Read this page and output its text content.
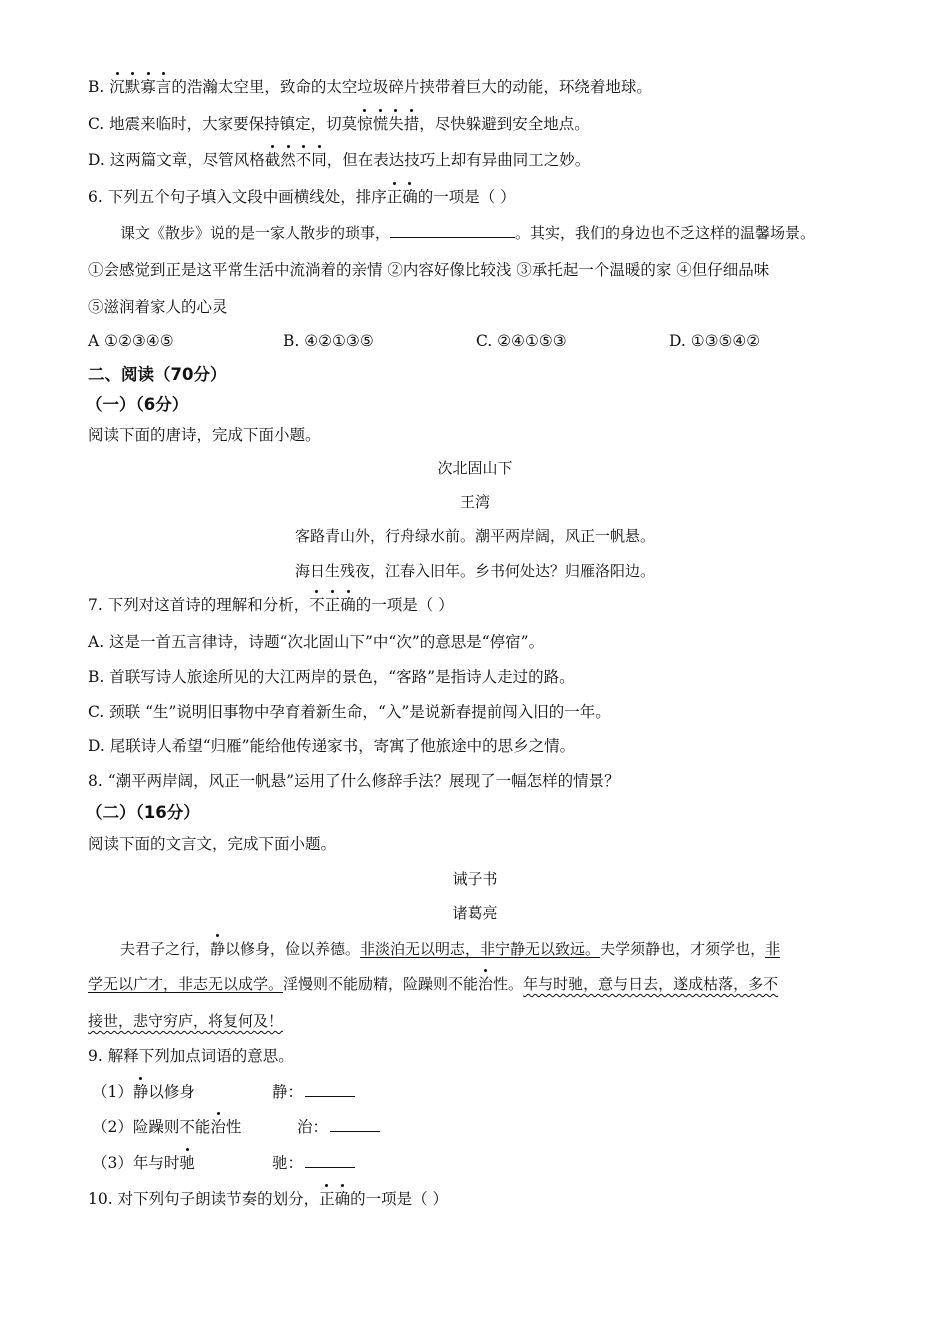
B. 沉默寡言的浩瀚太空里，致命的太空垃圾碎片挟带着巨大的动能，环绕着地球。
C. 地震来临时，大家要保持镇定，切莫惊慌失措，尽快躲避到安全地点。
D. 这两篇文章，尽管风格截然不同，但在表达技巧上却有异曲同工之妙。
6. 下列五个句子填入文段中画横线处，排序正确的一项是（ ）
课文《散步》说的是一家人散步的琐事，	。其实，我们的身边也不乏这样的温馨场景。
①会感觉到正是这平常生活中流淌着的亲情 ②内容好像比较浅 ③承托起一个温暖的家 ④但仔细品味
⑤滋润着家人的心灵
A ①②③④⑤	B. ④②①③⑤	C. ②④①⑤③	D. ①③⑤④②
二、阅读（70分）
（一）（6分）
阅读下面的唐诗，完成下面小题。
次北固山下
王湾
客路青山外，行舟绿水前。潮平两岸阔，风正一帆悬。
海日生残夜，江春入旧年。乡书何处达？归雁洛阳边。
7. 下列对这首诗的理解和分析，不正确的一项是（ ）
A. 这是一首五言律诗，诗题“次北固山下”中“次”的意思是“停宿”。
B. 首联写诗人旅途所见的大江两岸的景色，“客路”是指诗人走过的路。
C. 颈联 “生”说明旧事物中孕育着新生命，“入”是说新春提前闯入旧的一年。
D. 尾联诗人希望“归雁”能给他传递家书，寄寓了他旅途中的思乡之情。
8. “潮平两岸阔，风正一帆悬”运用了什么修辞手法？展现了一幅怎样的情景？
（二）（16分）
阅读下面的文言文，完成下面小题。
诫子书
诸葛亮
夫君子之行，静以修身，俭以养德。非淡泊无以明志，非宁静无以致远。夫学须静也，才须学也，非
学无以广才，非志无以成学。淫慢则不能励精，险躁则不能治性。年与时驰，意与日去，遂成枯落，多不
接世，悲守穷庐，将复何及！
9. 解释下列加点词语的意思。
（1）静以修身	静：
（2）险躁则不能治性	治：
（3）年与时驰	驰：
10. 对下列句子朗读节奏的划分，正确的一项是（ ）
